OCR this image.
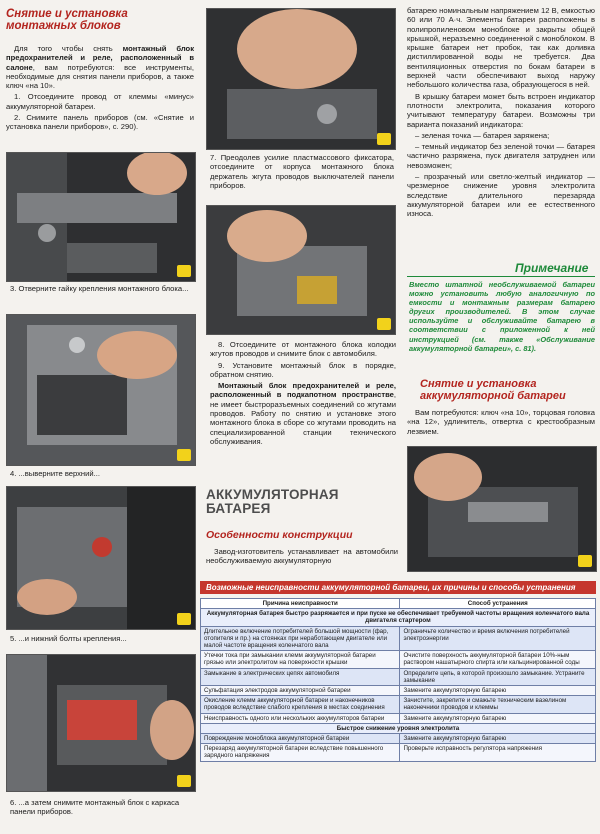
Снятие и установка монтажных блоков

Для того чтобы снять монтажный блок предохранителей и реле, расположенный в салоне, вам потребуются: все инструменты, необходимые для снятия панели приборов, а также ключ «на 10».

1. Отсоедините провод от клеммы «минус» аккумуляторной батареи.

2. Снимите панель приборов (см. «Снятие и установка панели приборов», с. 290).

3. Отверните гайку крепления монтажного блока...
4. ...выверните верхний...
5. ...и нижний болты крепления...
6. ...а затем снимите монтажный блок с каркаса панели приборов.
7. Преодолев усилие пластмассового фиксатора, отсоедините от корпуса монтажного блока держатель жгута проводов выключателей панели приборов.

8. Отсоедините от монтажного блока колодки жгутов проводов и снимите блок с автомобиля.

9. Установите монтажный блок в порядке, обратном снятию.

Монтажный блок предохранителей и реле, расположенный в подкапотном пространстве, не имеет быстроразъемных соединений со жгутами проводов. Работу по снятию и установке этого монтажного блока в сборе со жгутами проводить на специализированной станции технического обслуживания.

АККУМУЛЯТОРНАЯ БАТАРЕЯ
Особенности конструкции

Завод-изготовитель устанавливает на автомобили необслуживаемую аккумуляторную

батарею номинальным напряжением 12 В, емкостью 60 или 70 А·ч. Элементы батареи расположены в полипропиленовом моноблоке и закрыты общей крышкой, неразъемно соединенной с моноблоком. В крышке батареи нет пробок, так как доливка дистиллированной воды не требуется. Два вентиляционных отверстия по бокам батареи в верхней части обеспечивают выход наружу небольшого количества газа, образующегося в ней.

В крышку батареи может быть встроен индикатор плотности электролита, показания которого учитывают температуру батареи. Возможны три варианта показаний индикатора:

– зеленая точка — батарея заряжена;

– темный индикатор без зеленой точки — батарея частично разряжена, пуск двигателя затруднен или невозможен;

– прозрачный или светло-желтый индикатор — чрезмерное снижение уровня электролита вследствие длительного перезаряда аккумуляторной батареи или ее естественного износа.

Примечание
Вместо штатной необслуживаемой батареи можно установить любую аналогичную по емкости и монтажным размерам батарею других производителей. В этом случае используйте и обслуживайте батарею в соответствии с приложенной к ней инструкцией (см. также «Обслуживание аккумуляторной батареи», с. 81).
Снятие и установка аккумуляторной батареи

Вам потребуются: ключ «на 10», торцовая головка «на 12», удлинитель, отвертка с крестообразным лезвием.

Возможные неисправности аккумуляторной батареи, их причины и способы устранения
Причина неисправности	Способ устранения
Аккумуляторная батарея быстро разряжается и при пуске не обеспечивает требуемой частоты вращения коленчатого вала двигателя стартером	
Длительное включение потребителей большой мощности (фар, отопителя и пр.) на стоянках при неработающем двигателе или малой частоте вращения коленчатого вала	Ограничьте количество и время включения потребителей электроэнергии
Утечки тока при замыкании клемм аккумуляторной батареи грязью или электролитом на поверхности крышки	Очистите поверхность аккумуляторной батареи 10%-ным раствором нашатырного спирта или кальцинированной соды
Замыкание в электрических цепях автомобиля	Определите цепь, в которой произошло замыкание. Устраните замыкание
Сульфатация электродов аккумуляторной батареи	Замените аккумуляторную батарею
Окисление клемм аккумуляторной батареи и наконечников проводов вследствие слабого крепления в местах соединения	Зачистите, закрепите и смажьте техническим вазелином наконечники проводов и клеммы
Неисправность одного или нескольких аккумуляторов батареи	Замените аккумуляторную батарею
Быстрое снижение уровня электролита	
Повреждение моноблока аккумуляторной батареи	Замените аккумуляторную батарею
Перезаряд аккумуляторной батареи вследствие повышенного зарядного напряжения	Проверьте исправность регулятора напряжения
